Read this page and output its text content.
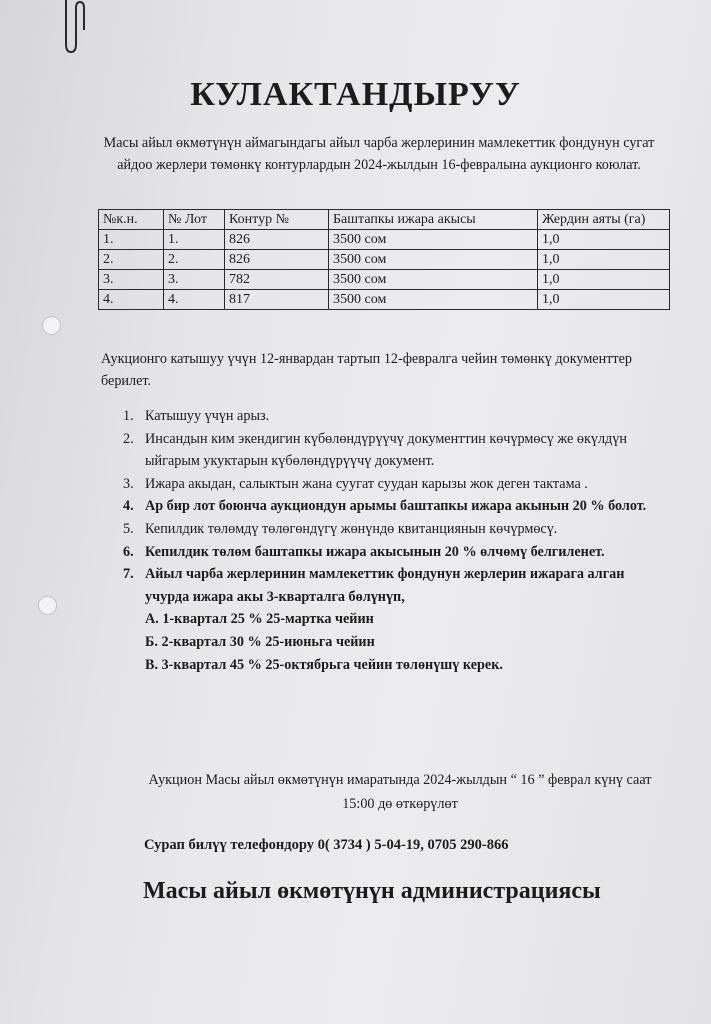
КУЛАКТАНДЫРУУ
Масы айыл өкмөтүнүн аймагындагы айыл чарба жерлеринин мамлекеттик фондунун сугат айдоо жерлери төмөнкү контурлардын 2024-жылдын 16-февралына аукционго коюлат.
№к.н.	№ Лот	Контур №	Баштапкы ижара акысы	Жердин аяты (га)
1.	1.	826	3500 сом	1,0
2.	2.	826	3500 сом	1,0
3.	3.	782	3500 сом	1,0
4.	4.	817	3500 сом	1,0
Аукционго катышуу үчүн 12-январдан тартып 12-февралга чейин төмөнкү документтер берилет.
1. Катышуу үчүн арыз.
2. Инсандын ким экендигин күбөлөндүрүүчү документтин көчүрмөсү же өкүлдүн ыйгарым укуктарын күбөлөндүрүүчү документ.
3. Ижара акыдан, салыктын жана суугат суудан карызы жок деген тактама .
4. Ар бир лот боюнча аукциондун арымы баштапкы ижара акынын 20 % болот.
5. Кепилдик төлөмдү төлөгөндүгү жөнүндө квитанциянын көчүрмөсү.
6. Кепилдик төлөм баштапкы ижара акысынын 20 % өлчөмү белгиленет.
7. Айыл чарба жерлеринин мамлекеттик фондунун жерлерин ижарага алган учурда ижара акы 3-кварталга бөлүнүп,
А. 1-квартал 25 % 25-мартка чейин
Б. 2-квартал 30 % 25-июньга чейин
В. 3-квартал 45 % 25-октябрьга чейин төлөнүшү керек.
Аукцион Масы айыл өкмөтүнүн имаратында 2024-жылдын “ 16 ” феврал күнү саат 15:00 дө өткөрүлөт
Сурап билүү телефондору 0( 3734 ) 5-04-19, 0705 290-866
Масы айыл өкмөтүнүн администрациясы
